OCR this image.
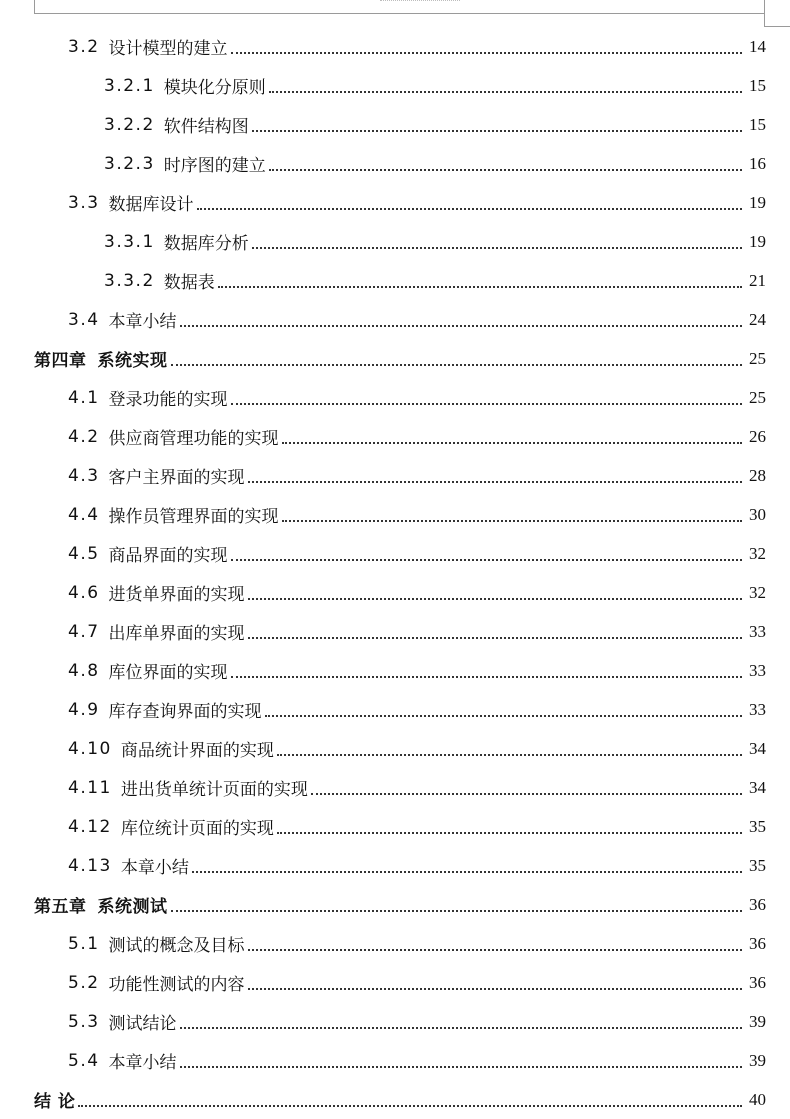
3.2 设计模型的建立	14
3.2.1 模块化分原则	15
3.2.2 软件结构图	15
3.2.3 时序图的建立	16
3.3 数据库设计	19
3.3.1 数据库分析	19
3.3.2 数据表	21
3.4 本章小结	24
第四章 系统实现	25
4.1 登录功能的实现	25
4.2 供应商管理功能的实现	26
4.3 客户主界面的实现	28
4.4 操作员管理界面的实现	30
4.5 商品界面的实现	32
4.6 进货单界面的实现	32
4.7 出库单界面的实现	33
4.8 库位界面的实现	33
4.9 库存查询界面的实现	33
4.10 商品统计界面的实现	34
4.11 进出货单统计页面的实现	34
4.12 库位统计页面的实现	35
4.13 本章小结	35
第五章 系统测试	36
5.1 测试的概念及目标	36
5.2 功能性测试的内容	36
5.3 测试结论	39
5.4 本章小结	39
结 论	40
